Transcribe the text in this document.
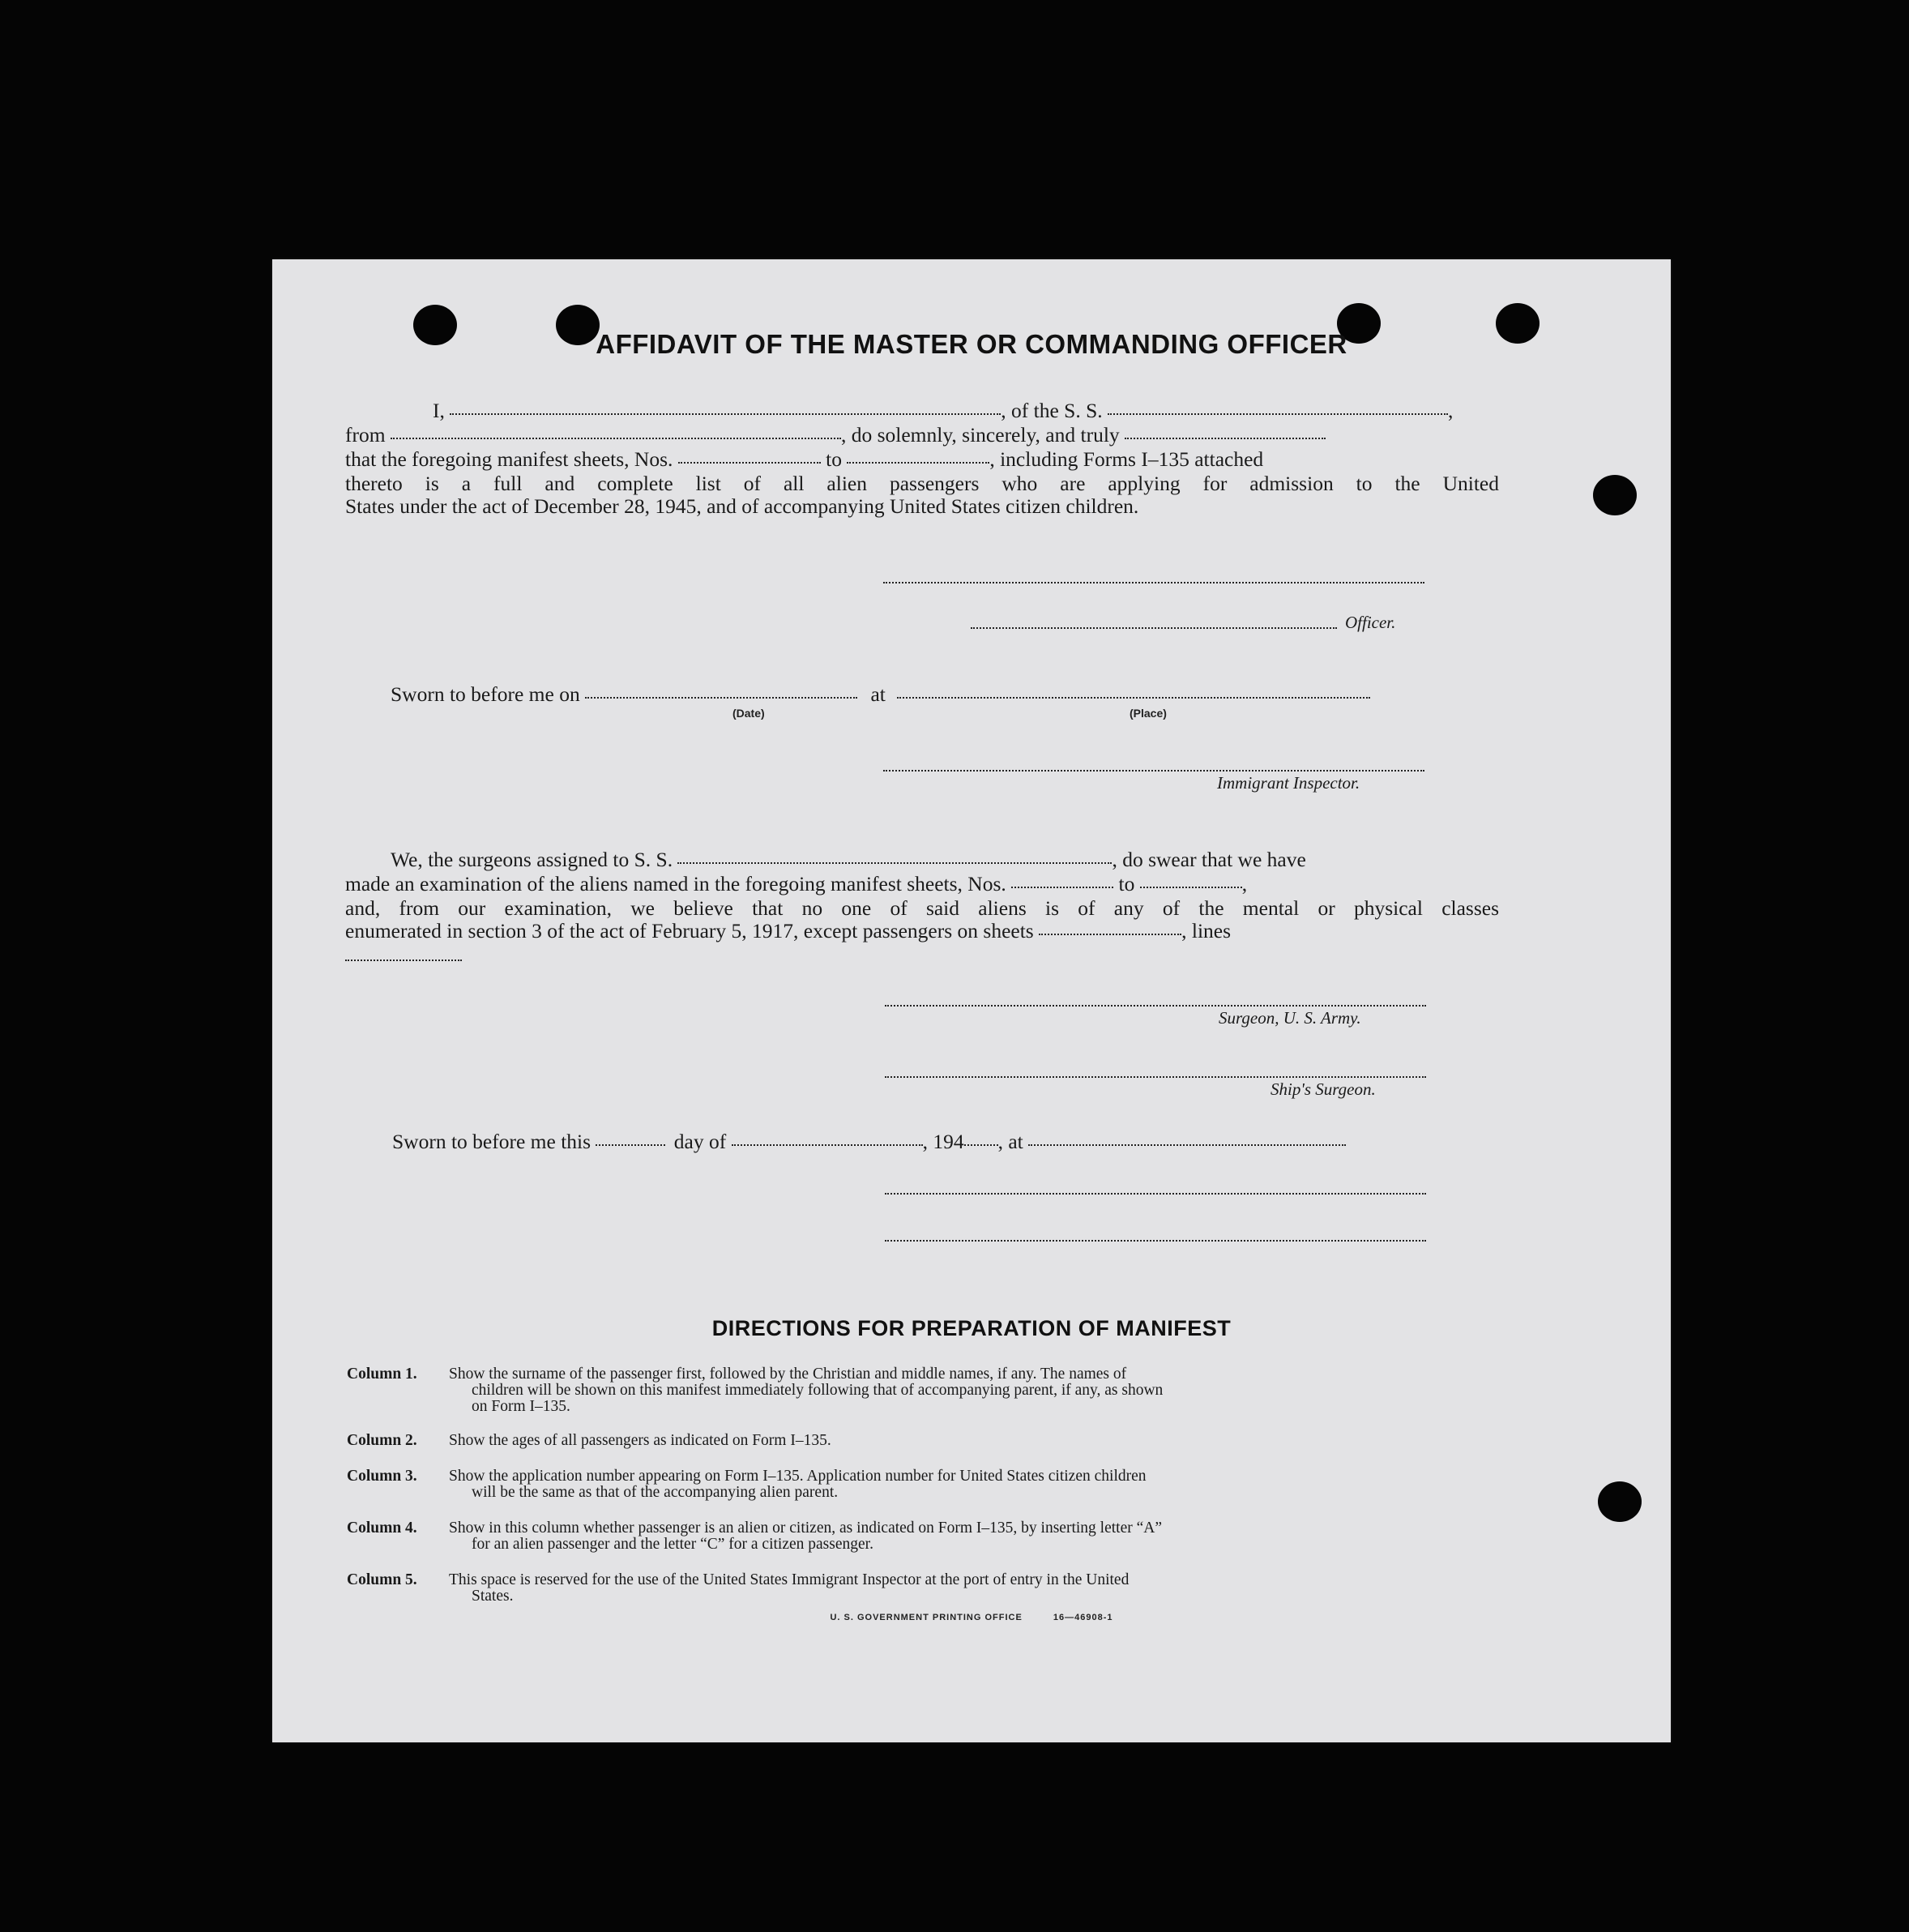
AFFIDAVIT OF THE MASTER OR COMMANDING OFFICER
I,	, of the S. S.	,
from	, do solemnly, sincerely, and truly
that the foregoing manifest sheets, Nos.	to	, including Forms I–135 attached
thereto is a full and complete list of all alien passengers who are applying for admission to the United
States under the act of December 28, 1945, and of accompanying United States citizen children.
Officer.
Sworn to before me on	at
(Date)	(Place)
Immigrant Inspector.
We, the surgeons assigned to S. S.	, do swear that we have
made an examination of the aliens named in the foregoing manifest sheets, Nos.	to	,
and, from our examination, we believe that no one of said aliens is of any of the mental or physical classes
enumerated in section 3 of the act of February 5, 1917, except passengers on sheets	, lines
Surgeon, U. S. Army.
Ship's Surgeon.
Sworn to before me this	day of	, 194 , at
DIRECTIONS FOR PREPARATION OF MANIFEST
Column 1.	Show the surname of the passenger first, followed by the Christian and middle names, if any. The names of
children will be shown on this manifest immediately following that of accompanying parent, if any, as shown
on Form I–135.
Column 2.	Show the ages of all passengers as indicated on Form I–135.
Column 3.	Show the application number appearing on Form I–135. Application number for United States citizen children
will be the same as that of the accompanying alien parent.
Column 4.	Show in this column whether passenger is an alien or citizen, as indicated on Form I–135, by inserting letter “A”
for an alien passenger and the letter “C” for a citizen passenger.
Column 5.	This space is reserved for the use of the United States Immigrant Inspector at the port of entry in the United
States.
U. S. GOVERNMENT PRINTING OFFICE	16—46908-1
